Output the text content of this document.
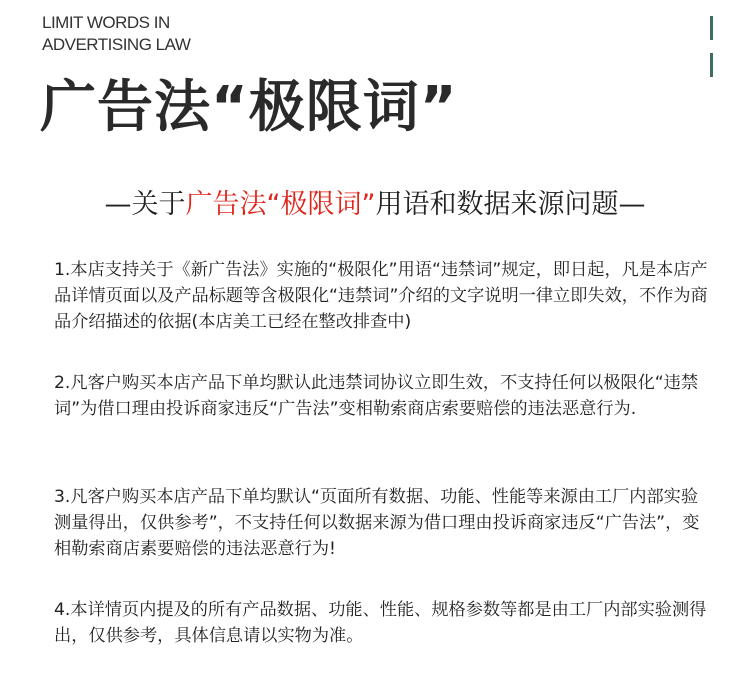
LIMIT WORDS IN
ADVERTISING LAW
广告法“极限词”
—关于广告法“极限词”用语和数据来源问题—
1.本店支持关于《新广告法》实施的“极限化”用语“违禁词”规定，即日起，凡是本店产品详情页面以及产品标题等含极限化“违禁词”介绍的文字说明一律立即失效，不作为商品介绍描述的依据(本店美工已经在整改排查中)
2.凡客户购买本店产品下单均默认此违禁词协议立即生效，不支持任何以极限化“违禁词”为借口理由投诉商家违反“广告法”变相勒索商店索要赔偿的违法恶意行为.
3.凡客户购买本店产品下单均默认“页面所有数据、功能、性能等来源由工厂内部实验测量得出，仅供参考”，不支持任何以数据来源为借口理由投诉商家违反“广告法”，变相勒索商店素要赔偿的违法恶意行为!
4.本详情页内提及的所有产品数据、功能、性能、规格参数等都是由工厂内部实验测得出，仅供参考，具体信息请以实物为准。
